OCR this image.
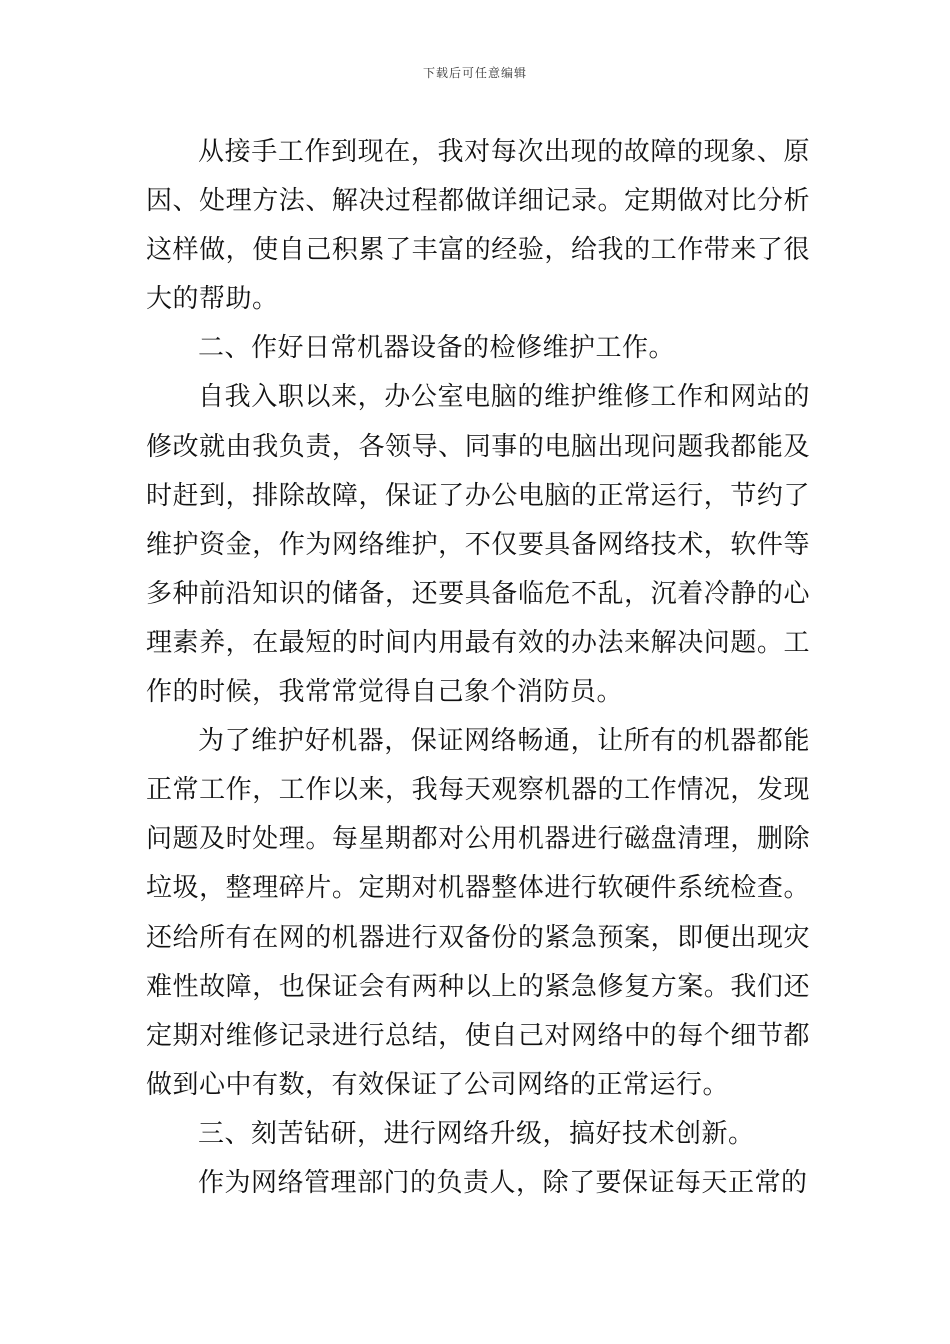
下载后可任意编辑

从接手工作到现在，我对每次出现的故障的现象、原因、处理方法、解决过程都做详细记录。定期做对比分析这样做，使自己积累了丰富的经验，给我的工作带来了很大的帮助。

二、作好日常机器设备的检修维护工作。

自我入职以来，办公室电脑的维护维修工作和网站的修改就由我负责，各领导、同事的电脑出现问题我都能及时赶到，排除故障，保证了办公电脑的正常运行，节约了维护资金，作为网络维护，不仅要具备网络技术，软件等多种前沿知识的储备，还要具备临危不乱，沉着冷静的心理素养，在最短的时间内用最有效的办法来解决问题。工作的时候，我常常觉得自己象个消防员。

为了维护好机器，保证网络畅通，让所有的机器都能正常工作，工作以来，我每天观察机器的工作情况，发现问题及时处理。每星期都对公用机器进行磁盘清理，删除垃圾，整理碎片。定期对机器整体进行软硬件系统检查。还给所有在网的机器进行双备份的紧急预案，即便出现灾难性故障，也保证会有两种以上的紧急修复方案。我们还定期对维修记录进行总结，使自己对网络中的每个细节都做到心中有数，有效保证了公司网络的正常运行。

三、刻苦钻研，进行网络升级，搞好技术创新。

作为网络管理部门的负责人，除了要保证每天正常的
